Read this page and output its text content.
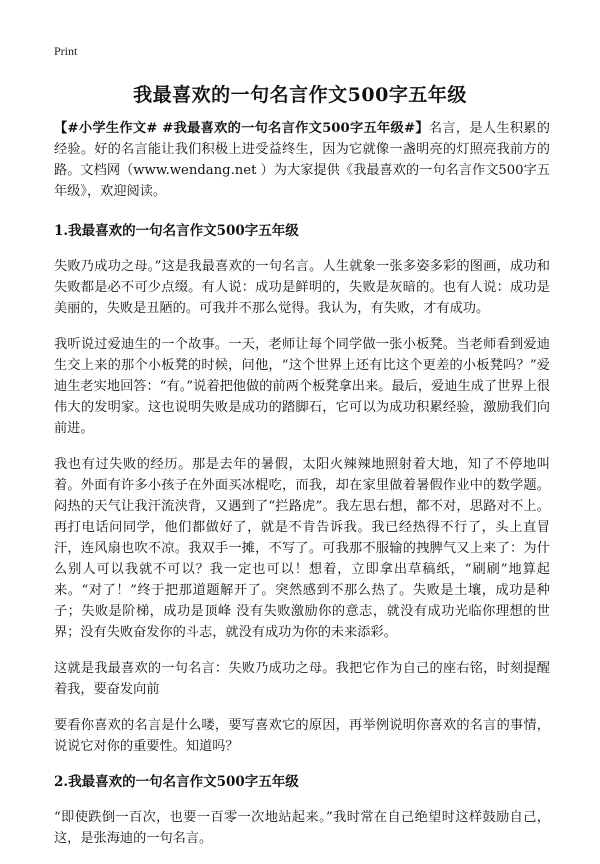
Print
我最喜欢的一句名言作文500字五年级

【#小学生作文# #我最喜欢的一句名言作文500字五年级#】名言，是人生积累的经验。好的名言能让我们积极上进受益终生，因为它就像一盏明亮的灯照亮我前方的路。文档网（www.wendang.net ）为大家提供《我最喜欢的一句名言作文500字五年级》，欢迎阅读。

1.我最喜欢的一句名言作文500字五年级

失败乃成功之母。”这是我最喜欢的一句名言。人生就象一张多姿多彩的图画，成功和失败都是必不可少点缀。有人说：成功是鲜明的，失败是灰暗的。也有人说：成功是美丽的，失败是丑陋的。可我并不那么觉得。我认为，有失败，才有成功。

我听说过爱迪生的一个故事。一天，老师让每个同学做一张小板凳。当老师看到爱迪生交上来的那个小板凳的时候，问他，“这个世界上还有比这个更差的小板凳吗？”爱迪生老实地回答：“有。”说着把他做的前两个板凳拿出来。最后，爱迪生成了世界上很伟大的发明家。这也说明失败是成功的踏脚石，它可以为成功积累经验，激励我们向前进。

我也有过失败的经历。那是去年的暑假，太阳火辣辣地照射着大地，知了不停地叫着。外面有许多小孩子在外面买冰棍吃，而我，却在家里做着暑假作业中的数学题。闷热的天气让我汗流浃背，又遇到了“拦路虎”。我左思右想，都不对，思路对不上。再打电话问同学，他们都做好了，就是不肯告诉我。我已经热得不行了，头上直冒汗，连风扇也吹不凉。我双手一摊，不写了。可我那不服输的拽脾气又上来了：为什么别人可以我就不可以？我一定也可以！想着，立即拿出草稿纸，“刷刷”地算起来。“对了！”终于把那道题解开了。突然感到不那么热了。失败是土壤，成功是种子；失败是阶梯，成功是顶峰 没有失败激励你的意志，就没有成功光临你理想的世界；没有失败奋发你的斗志，就没有成功为你的未来添彩。

这就是我最喜欢的一句名言：失败乃成功之母。我把它作为自己的座右铭，时刻提醒着我，要奋发向前

要看你喜欢的名言是什么喽，要写喜欢它的原因，再举例说明你喜欢的名言的事情，说说它对你的重要性。知道吗？

2.我最喜欢的一句名言作文500字五年级

“即使跌倒一百次，也要一百零一次地站起来。”我时常在自己绝望时这样鼓励自己，这，是张海迪的一句名言。
